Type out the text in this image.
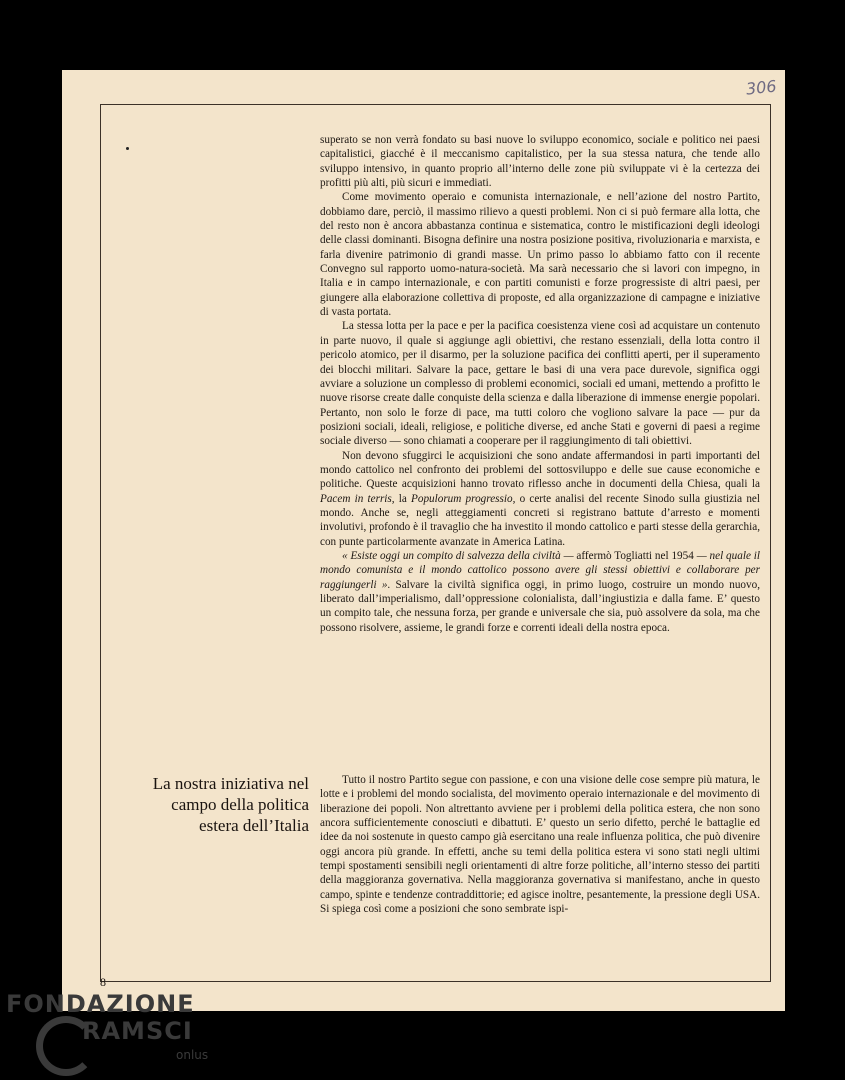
306

superato se non verrà fondato su basi nuove lo sviluppo economico, sociale e politico nei paesi capitalistici, giacché è il meccanismo capitalistico, per la sua stessa natura, che tende allo sviluppo intensivo, in quanto proprio all’interno delle zone più sviluppate vi è la certezza dei profitti più alti, più sicuri e immediati.

Come movimento operaio e comunista internazionale, e nell’azione del nostro Partito, dobbiamo dare, perciò, il massimo rilievo a questi problemi. Non ci si può fermare alla lotta, che del resto non è ancora abbastanza continua e sistematica, contro le mistificazioni degli ideologi delle classi dominanti. Bisogna definire una nostra posizione positiva, rivoluzionaria e marxista, e farla divenire patrimonio di grandi masse. Un primo passo lo abbiamo fatto con il recente Convegno sul rapporto uomo-natura-società. Ma sarà necessario che si lavori con impegno, in Italia e in campo internazionale, e con partiti comunisti e forze progressiste di altri paesi, per giungere alla elaborazione collettiva di proposte, ed alla organizzazione di campagne e iniziative di vasta portata.

La stessa lotta per la pace e per la pacifica coesistenza viene così ad acquistare un contenuto in parte nuovo, il quale si aggiunge agli obiettivi, che restano essenziali, della lotta contro il pericolo atomico, per il disarmo, per la soluzione pacifica dei conflitti aperti, per il superamento dei blocchi militari. Salvare la pace, gettare le basi di una vera pace durevole, significa oggi avviare a soluzione un complesso di problemi economici, sociali ed umani, mettendo a profitto le nuove risorse create dalle conquiste della scienza e dalla liberazione di immense energie popolari. Pertanto, non solo le forze di pace, ma tutti coloro che vogliono salvare la pace — pur da posizioni sociali, ideali, religiose, e politiche diverse, ed anche Stati e governi di paesi a regime sociale diverso — sono chiamati a cooperare per il raggiungimento di tali obiettivi.

Non devono sfuggirci le acquisizioni che sono andate affermandosi in parti importanti del mondo cattolico nel confronto dei problemi del sottosviluppo e delle sue cause economiche e politiche. Queste acquisizioni hanno trovato riflesso anche in documenti della Chiesa, quali la Pacem in terris, la Populorum progressio, o certe analisi del recente Sinodo sulla giustizia nel mondo. Anche se, negli atteggiamenti concreti si registrano battute d’arresto e momenti involutivi, profondo è il travaglio che ha investito il mondo cattolico e parti stesse della gerarchia, con punte particolarmente avanzate in America Latina.

« Esiste oggi un compito di salvezza della civiltà — affermò Togliatti nel 1954 — nel quale il mondo comunista e il mondo cattolico possono avere gli stessi obiettivi e collaborare per raggiungerli ». Salvare la civiltà significa oggi, in primo luogo, costruire un mondo nuovo, liberato dall’imperialismo, dall’oppressione colonialista, dall’ingiustizia e dalla fame. E’ questo un compito tale, che nessuna forza, per grande e universale che sia, può assolvere da sola, ma che possono risolvere, assieme, le grandi forze e correnti ideali della nostra epoca.

La nostra iniziativa nel campo della politica estera dell’Italia

Tutto il nostro Partito segue con passione, e con una visione delle cose sempre più matura, le lotte e i problemi del mondo socialista, del movimento operaio internazionale e del movimento di liberazione dei popoli. Non altrettanto avviene per i problemi della politica estera, che non sono ancora sufficientemente conosciuti e dibattuti. E’ questo un serio difetto, perché le battaglie ed idee da noi sostenute in questo campo già esercitano una reale influenza politica, che può divenire oggi ancora più grande. In effetti, anche su temi della politica estera vi sono stati negli ultimi tempi spostamenti sensibili negli orientamenti di altre forze politiche, all’interno stesso dei partiti della maggioranza governativa. Nella maggioranza governativa si manifestano, anche in questo campo, spinte e tendenze contraddittorie; ed agisce inoltre, pesantemente, la pressione degli USA. Si spiega così come a posizioni che sono sembrate ispi-

8
FONDAZIONE
RAMSCI
onlus
